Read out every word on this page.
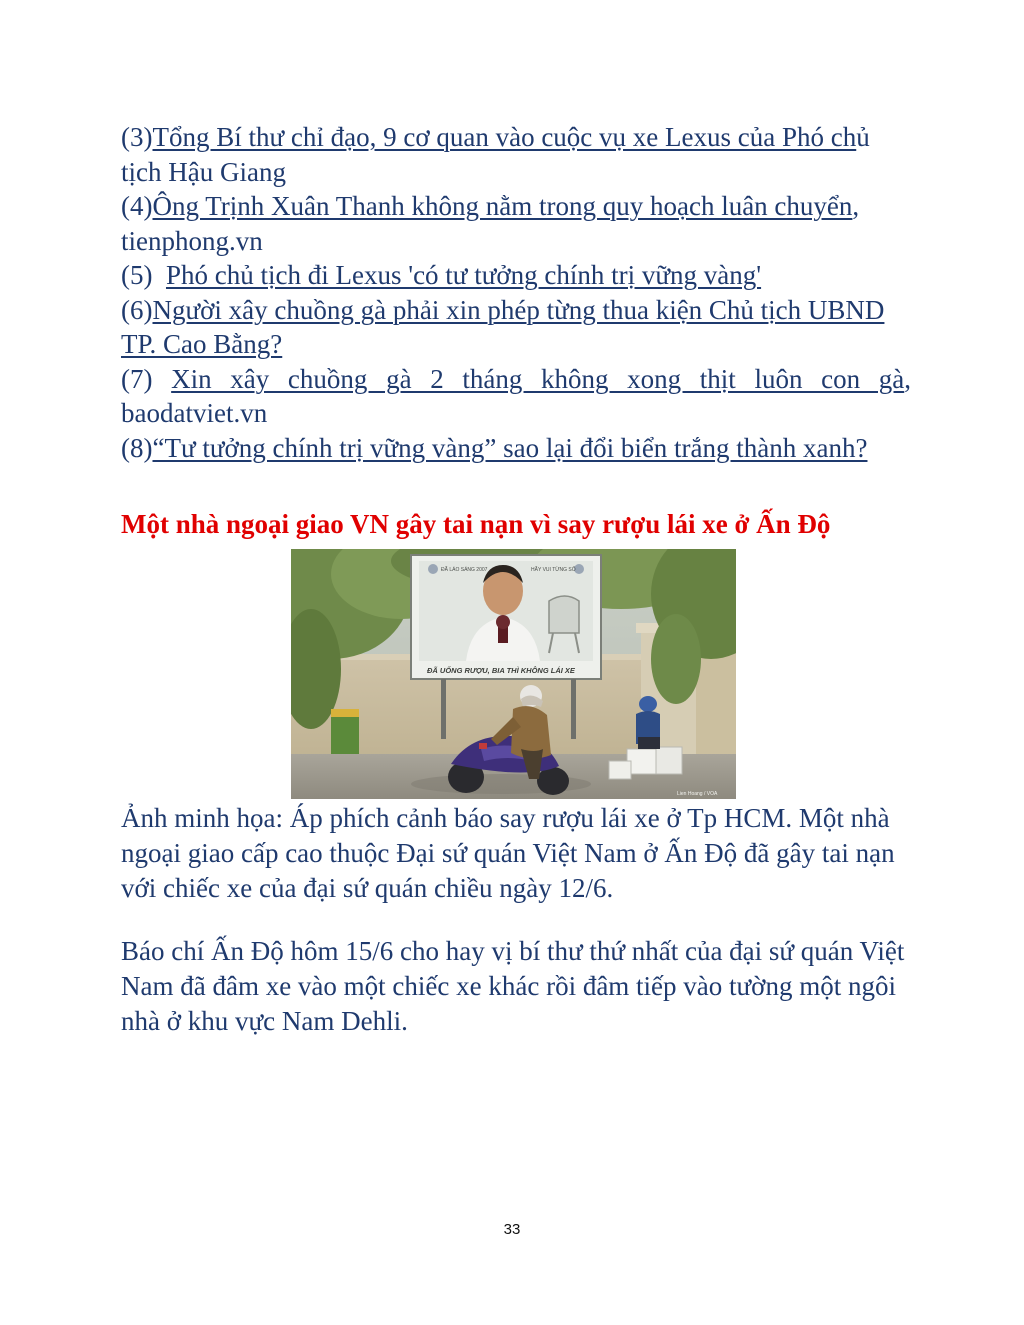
(3)Tổng Bí thư chỉ đạo, 9 cơ quan vào cuộc vụ xe Lexus của Phó chủ tịch Hậu Giang

(4)Ông Trịnh Xuân Thanh không nằm trong quy hoạch luân chuyển, tienphong.vn

(5)  Phó chủ tịch đi Lexus 'có tư tưởng chính trị vững vàng'

(6)Người xây chuồng gà phải xin phép từng thua kiện Chủ tịch UBND TP. Cao Bằng?

(7) Xin xây chuồng gà 2 tháng không xong thịt luôn con gà, baodatviet.vn

(8)“Tư tưởng chính trị vững vàng” sao lại đổi biển trắng thành xanh?

Một nhà ngoại giao VN gây tai nạn vì say rượu lái xe ở Ấn Độ
ĐÃ LÁO SÁNG 2007	HÃY VUI TỪNG SỐ
ĐÃ UỐNG RƯỢU, BIA THÌ KHÔNG LÁI XE
Lien Hoang / VOA

Ảnh minh họa: Áp phích cảnh báo say rượu lái xe ở Tp HCM. Một nhà ngoại giao cấp cao thuộc Đại sứ quán Việt Nam ở Ấn Độ đã gây tai nạn với chiếc xe của đại sứ quán chiều ngày 12/6.

Báo chí Ấn Độ hôm 15/6 cho hay vị bí thư thứ nhất của đại sứ quán Việt Nam đã đâm xe vào một chiếc xe khác rồi đâm tiếp vào tường một ngôi nhà ở khu vực Nam Dehli.

33
